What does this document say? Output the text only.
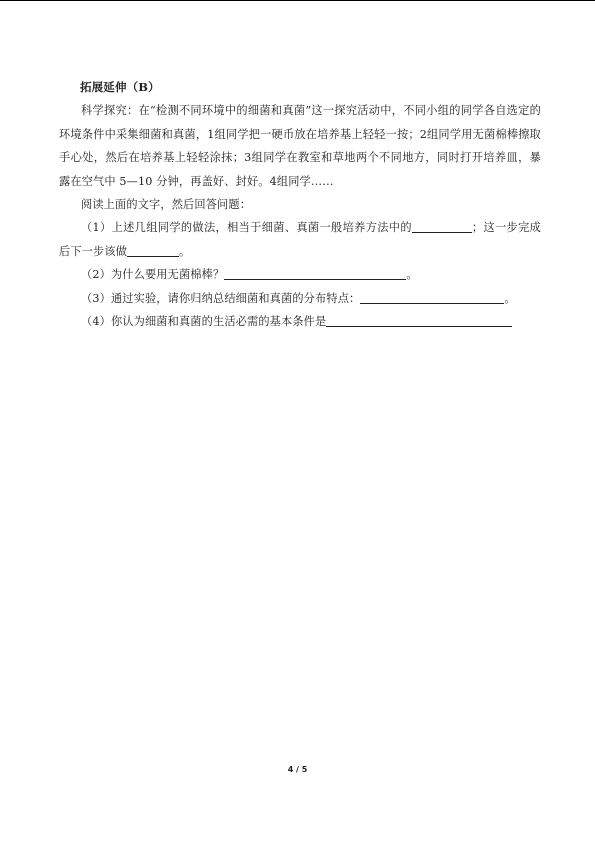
拓展延伸（B）
科学探究：在“检测不同环境中的细菌和真菌”这一探究活动中，不同小组的同学各自选定的环境条件中采集细菌和真菌，1组同学把一硬币放在培养基上轻轻一按；2组同学用无菌棉棒擦取手心处，然后在培养基上轻轻涂抹；3组同学在教室和草地两个不同地方，同时打开培养皿，暴露在空气中 5—10 分钟，再盖好、封好。4组同学……
阅读上面的文字，然后回答问题：
（1）上述几组同学的做法，相当于细菌、真菌一般培养方法中的	；这一步完成后下一步该做	。
（2）为什么要用无菌棉棒？	。
（3）通过实验，请你归纳总结细菌和真菌的分布特点：	。
（4）你认为细菌和真菌的生活必需的基本条件是
4 / 5
